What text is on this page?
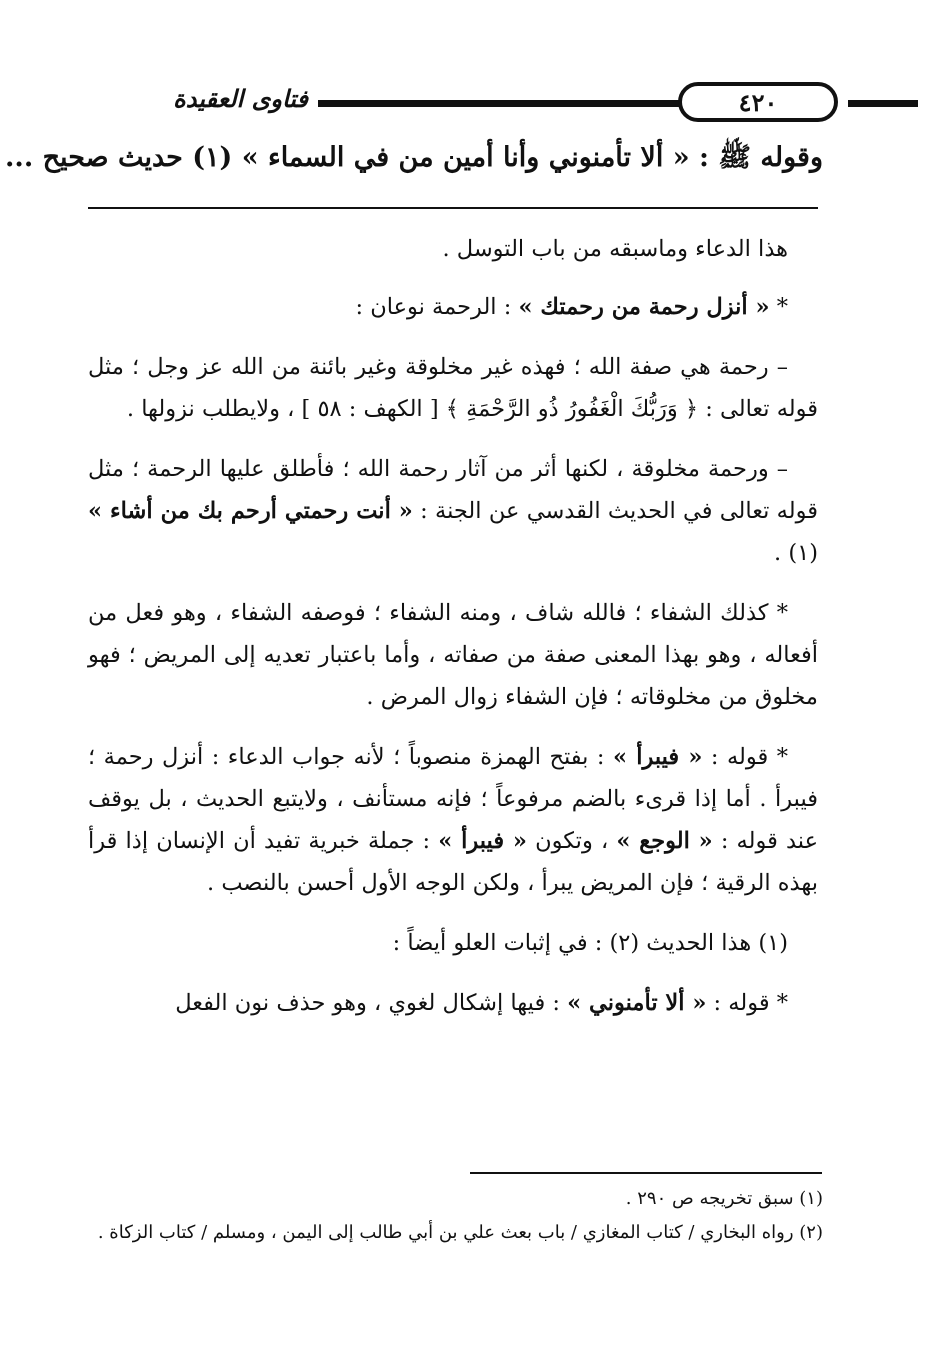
٤٢٠
فتاوى العقيدة
وقوله ﷺ : « ألا تأمنوني وأنا أمين من في السماء » (١) حديث صحيح ...

هذا الدعاء وماسبقه من باب التوسل .

* « أنزل رحمة من رحمتك » : الرحمة نوعان :

– رحمة هي صفة الله ؛ فهذه غير مخلوقة وغير بائنة من الله عز وجل ؛ مثل قوله تعالى : ﴿ وَرَبُّكَ الْغَفُورُ ذُو الرَّحْمَةِ ﴾ [ الكهف : ٥٨ ] ، ولايطلب نزولها .

– ورحمة مخلوقة ، لكنها أثر من آثار رحمة الله ؛ فأطلق عليها الرحمة ؛ مثل قوله تعالى في الحديث القدسي عن الجنة : « أنت رحمتي أرحم بك من أشاء » (١) .

* كذلك الشفاء ؛ فالله شاف ، ومنه الشفاء ؛ فوصفه الشفاء ، وهو فعل من أفعاله ، وهو بهذا المعنى صفة من صفاته ، وأما باعتبار تعديه إلى المريض ؛ فهو مخلوق من مخلوقاته ؛ فإن الشفاء زوال المرض .

* قوله : « فيبرأ » : بفتح الهمزة منصوباً ؛ لأنه جواب الدعاء : أنزل رحمة ؛ فيبرأ . أما إذا قرىء بالضم مرفوعاً ؛ فإنه مستأنف ، ولايتبع الحديث ، بل يوقف عند قوله : « الوجع » ، وتكون « فيبرأ » : جملة خبرية تفيد أن الإنسان إذا قرأ بهذه الرقية ؛ فإن المريض يبرأ ، ولكن الوجه الأول أحسن بالنصب .

(١) هذا الحديث (٢) : في إثبات العلو أيضاً :

* قوله : « ألا تأمنوني » : فيها إشكال لغوي ، وهو حذف نون الفعل

(١) سبق تخريجه ص ٢٩٠ .

(٢) رواه البخاري / كتاب المغازي / باب بعث علي بن أبي طالب إلى اليمن ، ومسلم / كتاب الزكاة .
